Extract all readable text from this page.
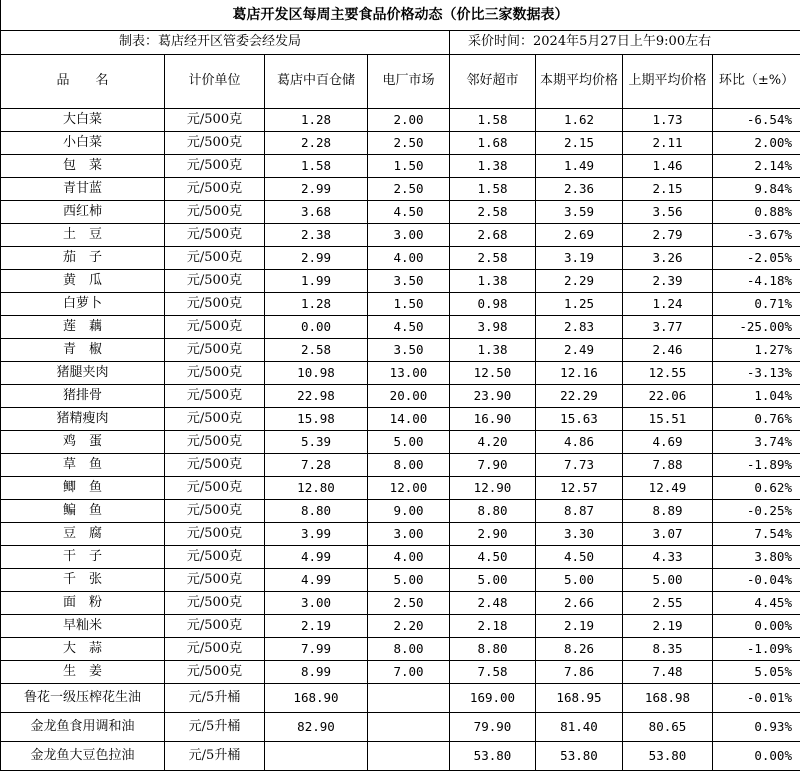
葛店开发区每周主要食品价格动态（价比三家数据表）							
制表：葛店经开区管委会经发局				采价时间：2024年5月27日上午9:00左右			
品　　名	计价单位	葛店中百仓储	电厂市场	邻好超市	本期平均价格	上期平均价格	环比（±%）
大白菜	元/500克	1.28	2.00	1.58	1.62	1.73	-6.54%
小白菜	元/500克	2.28	2.50	1.68	2.15	2.11	2.00%
包　菜	元/500克	1.58	1.50	1.38	1.49	1.46	2.14%
青甘蓝	元/500克	2.99	2.50	1.58	2.36	2.15	9.84%
西红柿	元/500克	3.68	4.50	2.58	3.59	3.56	0.88%
土　豆	元/500克	2.38	3.00	2.68	2.69	2.79	-3.67%
茄　子	元/500克	2.99	4.00	2.58	3.19	3.26	-2.05%
黄　瓜	元/500克	1.99	3.50	1.38	2.29	2.39	-4.18%
白萝卜	元/500克	1.28	1.50	0.98	1.25	1.24	0.71%
莲　藕	元/500克	0.00	4.50	3.98	2.83	3.77	-25.00%
青　椒	元/500克	2.58	3.50	1.38	2.49	2.46	1.27%
猪腿夹肉	元/500克	10.98	13.00	12.50	12.16	12.55	-3.13%
猪排骨	元/500克	22.98	20.00	23.90	22.29	22.06	1.04%
猪精瘦肉	元/500克	15.98	14.00	16.90	15.63	15.51	0.76%
鸡　蛋	元/500克	5.39	5.00	4.20	4.86	4.69	3.74%
草　鱼	元/500克	7.28	8.00	7.90	7.73	7.88	-1.89%
鲫　鱼	元/500克	12.80	12.00	12.90	12.57	12.49	0.62%
鳊　鱼	元/500克	8.80	9.00	8.80	8.87	8.89	-0.25%
豆　腐	元/500克	3.99	3.00	2.90	3.30	3.07	7.54%
干　子	元/500克	4.99	4.00	4.50	4.50	4.33	3.80%
千　张	元/500克	4.99	5.00	5.00	5.00	5.00	-0.04%
面　粉	元/500克	3.00	2.50	2.48	2.66	2.55	4.45%
早籼米	元/500克	2.19	2.20	2.18	2.19	2.19	0.00%
大　蒜	元/500克	7.99	8.00	8.80	8.26	8.35	-1.09%
生　姜	元/500克	8.99	7.00	7.58	7.86	7.48	5.05%
鲁花一级压榨花生油	元/5升桶	168.90		169.00	168.95	168.98	-0.01%
金龙鱼食用调和油	元/5升桶	82.90		79.90	81.40	80.65	0.93%
金龙鱼大豆色拉油	元/5升桶			53.80	53.80	53.80	0.00%
